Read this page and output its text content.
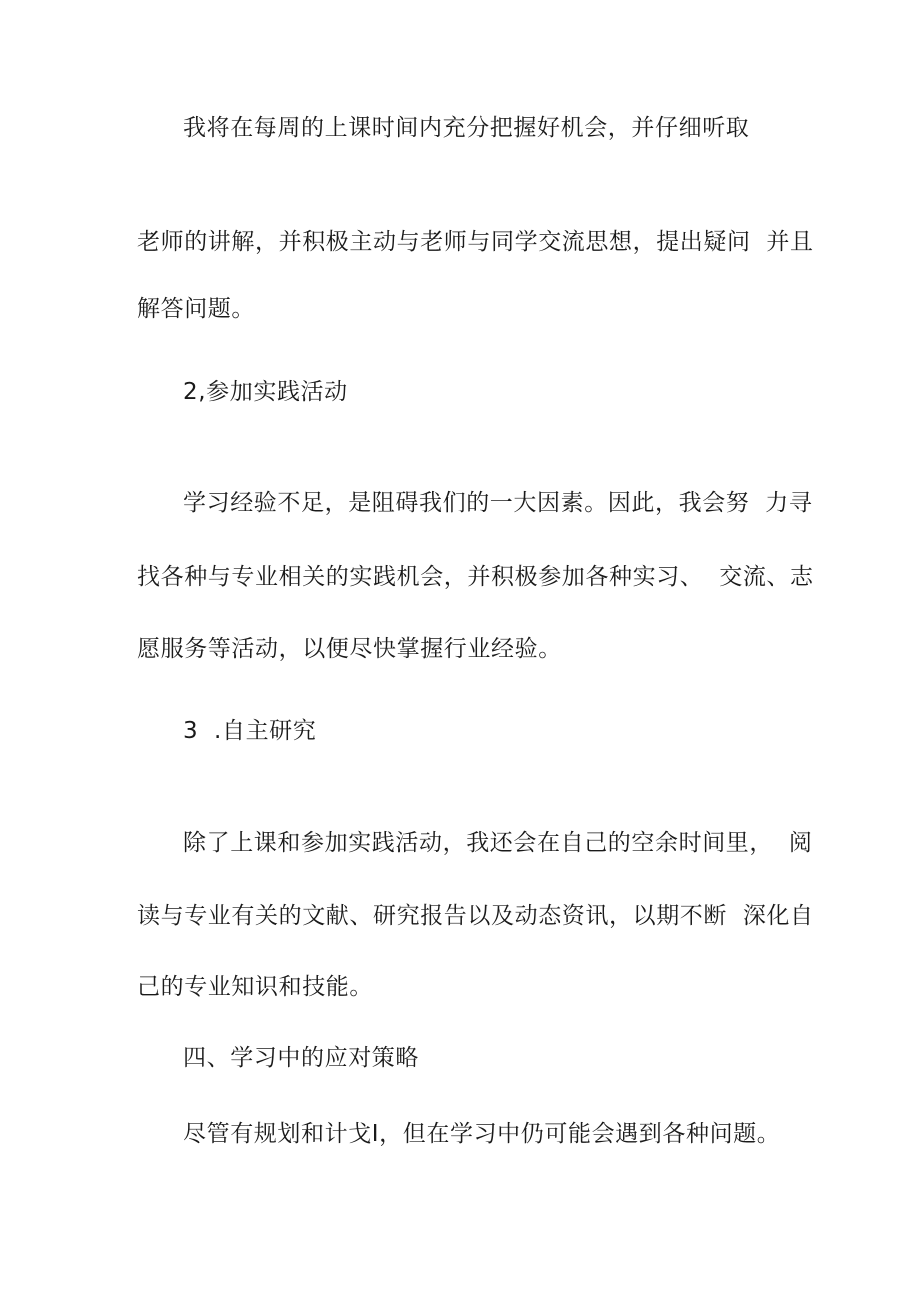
我将在每周的上课时间内充分把握好机会，并仔细听取
老师的讲解，并积极主动与老师与同学交流思想，提出疑问  并且
解答问题。
2,参加实践活动
学习经验不足，是阻碍我们的一大因素。因此，我会努  力寻
找各种与专业相关的实践机会，并积极参加各种实习、  交流、志
愿服务等活动，以便尽快掌握行业经验。
3  .自主研究
除了上课和参加实践活动，我还会在自己的空余时间里，  阅
读与专业有关的文献、研究报告以及动态资讯，以期不断  深化自
己的专业知识和技能。
四、学习中的应对策略
尽管有规划和计戈I，但在学习中仍可能会遇到各种问题。
